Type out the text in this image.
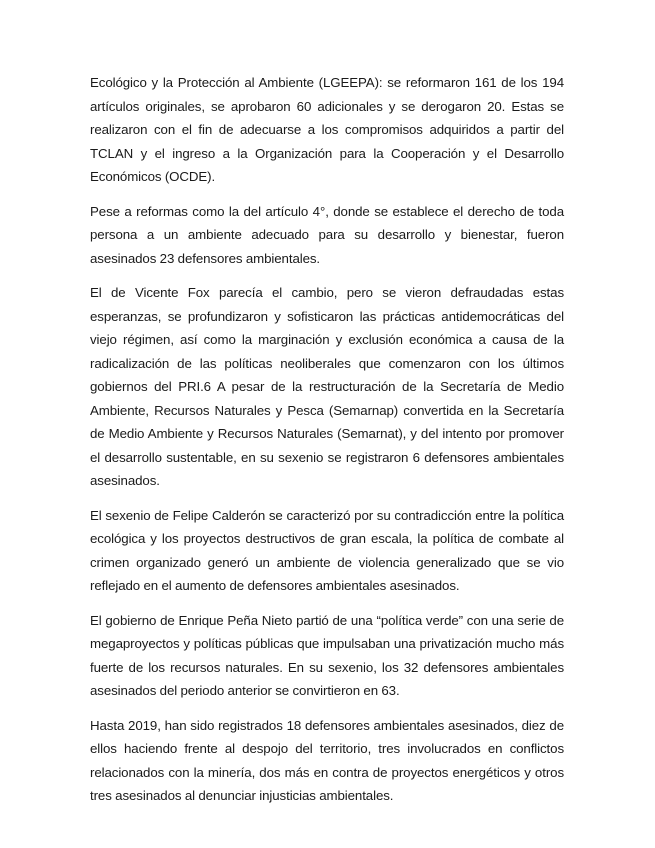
Ecológico y la Protección al Ambiente (LGEEPA): se reformaron 161 de los 194 artículos originales, se aprobaron 60 adicionales y se derogaron 20. Estas se realizaron con el fin de adecuarse a los compromisos adquiridos a partir del TCLAN y el ingreso a la Organización para la Cooperación y el Desarrollo Económicos (OCDE).

Pese a reformas como la del artículo 4°, donde se establece el derecho de toda persona a un ambiente adecuado para su desarrollo y bienestar, fueron asesinados 23 defensores ambientales.

El de Vicente Fox parecía el cambio, pero se vieron defraudadas estas esperanzas, se profundizaron y sofisticaron las prácticas antidemocráticas del viejo régimen, así como la marginación y exclusión económica a causa de la radicalización de las políticas neoliberales que comenzaron con los últimos gobiernos del PRI.6 A pesar de la restructuración de la Secretaría de Medio Ambiente, Recursos Naturales y Pesca (Semarnap) convertida en la Secretaría de Medio Ambiente y Recursos Naturales (Semarnat), y del intento por promover el desarrollo sustentable, en su sexenio se registraron 6 defensores ambientales asesinados.

El sexenio de Felipe Calderón se caracterizó por su contradicción entre la política ecológica y los proyectos destructivos de gran escala, la política de combate al crimen organizado generó un ambiente de violencia generalizado que se vio reflejado en el aumento de defensores ambientales asesinados.

El gobierno de Enrique Peña Nieto partió de una “política verde” con una serie de megaproyectos y políticas públicas que impulsaban una privatización mucho más fuerte de los recursos naturales. En su sexenio, los 32 defensores ambientales asesinados del periodo anterior se convirtieron en 63.

Hasta 2019, han sido registrados 18 defensores ambientales asesinados, diez de ellos haciendo frente al despojo del territorio, tres involucrados en conflictos relacionados con la minería, dos más en contra de proyectos energéticos y otros tres asesinados al denunciar injusticias ambientales.
